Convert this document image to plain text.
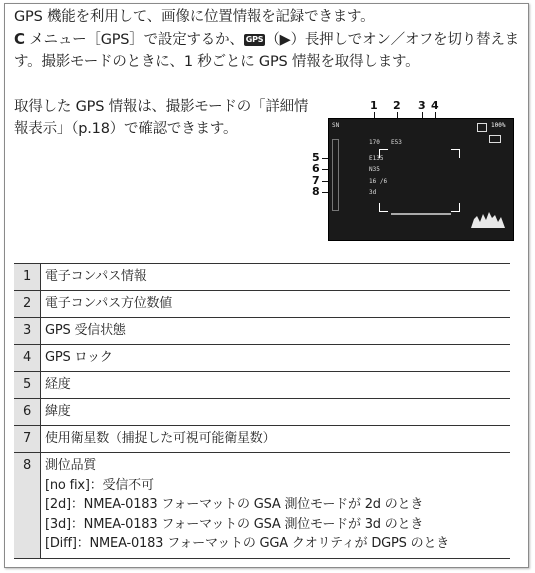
GPS 機能を利用して、画像に位置情報を記録できます。

C メニュー［GPS］で設定するか、 GPS （▶）長押しでオン／オフを切り替えます。撮影モードのときに、1 秒ごとに GPS 情報を取得します。

取得した GPS 情報は、撮影モードの「詳細情報表示」（p.18）で確認できます。
1 2 3 4
5
6
7
8
SN
170 E53
100%
E135
N35
16 /6
3d
1	電子コンパス情報

2	電子コンパス方位数値

3	GPS 受信状態

4	GPS ロック

5	経度

6	緯度

7	使用衛星数（捕捉した可視可能衛星数）

8	測位品質
[no fix]：受信不可
[2d]：NMEA-0183 フォーマットの GSA 測位モードが 2d のとき
[3d]：NMEA-0183 フォーマットの GSA 測位モードが 3d のとき
[Diff]：NMEA-0183 フォーマットの GGA クオリティが DGPS のとき
